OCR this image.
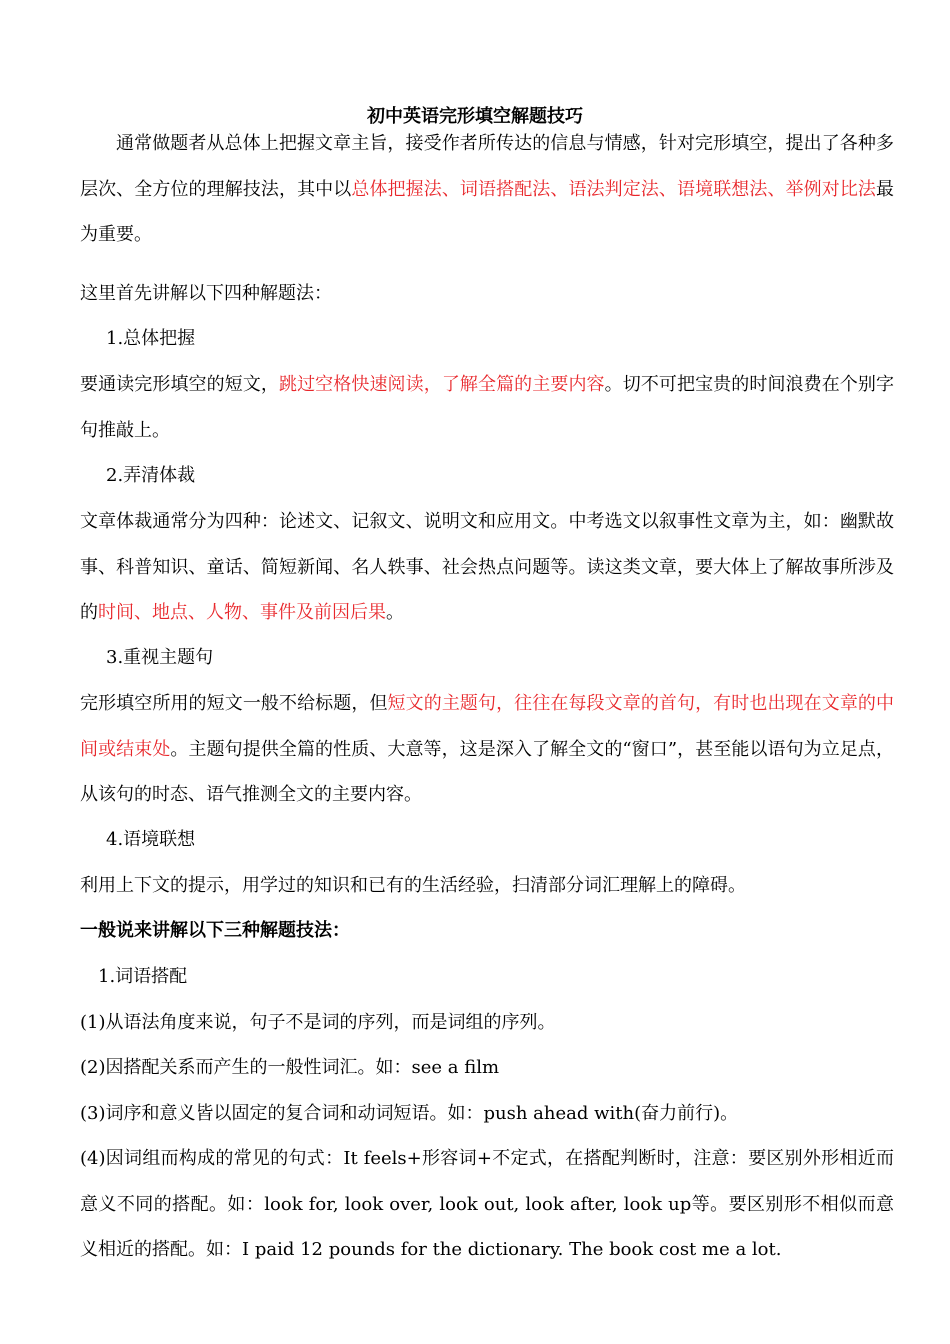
初中英语完形填空解题技巧
通常做题者从总体上把握文章主旨，接受作者所传达的信息与情感，针对完形填空，提出了各种多层次、全方位的理解技法，其中以总体把握法、词语搭配法、语法判定法、语境联想法、举例对比法最为重要。
这里首先讲解以下四种解题法：
1.总体把握
要通读完形填空的短文，跳过空格快速阅读，了解全篇的主要内容。切不可把宝贵的时间浪费在个别字句推敲上。
2.弄清体裁
文章体裁通常分为四种：论述文、记叙文、说明文和应用文。中考选文以叙事性文章为主，如：幽默故事、科普知识、童话、简短新闻、名人轶事、社会热点问题等。读这类文章，要大体上了解故事所涉及的时间、地点、人物、事件及前因后果。
3.重视主题句
完形填空所用的短文一般不给标题，但短文的主题句，往往在每段文章的首句，有时也出现在文章的中间或结束处。主题句提供全篇的性质、大意等，这是深入了解全文的“窗口”，甚至能以语句为立足点，从该句的时态、语气推测全文的主要内容。
4.语境联想
利用上下文的提示，用学过的知识和已有的生活经验，扫清部分词汇理解上的障碍。
一般说来讲解以下三种解题技法：
1.词语搭配
(1)从语法角度来说，句子不是词的序列，而是词组的序列。
(2)因搭配关系而产生的一般性词汇。如：see a film
(3)词序和意义皆以固定的复合词和动词短语。如：push ahead with(奋力前行)。
(4)因词组而构成的常见的句式：It feels+形容词+不定式，在搭配判断时，注意：要区别外形相近而意义不同的搭配。如：look for, look over, look out, look after, look up等。要区别形不相似而意义相近的搭配。如：I paid 12 pounds for the dictionary. The book cost me a lot.
